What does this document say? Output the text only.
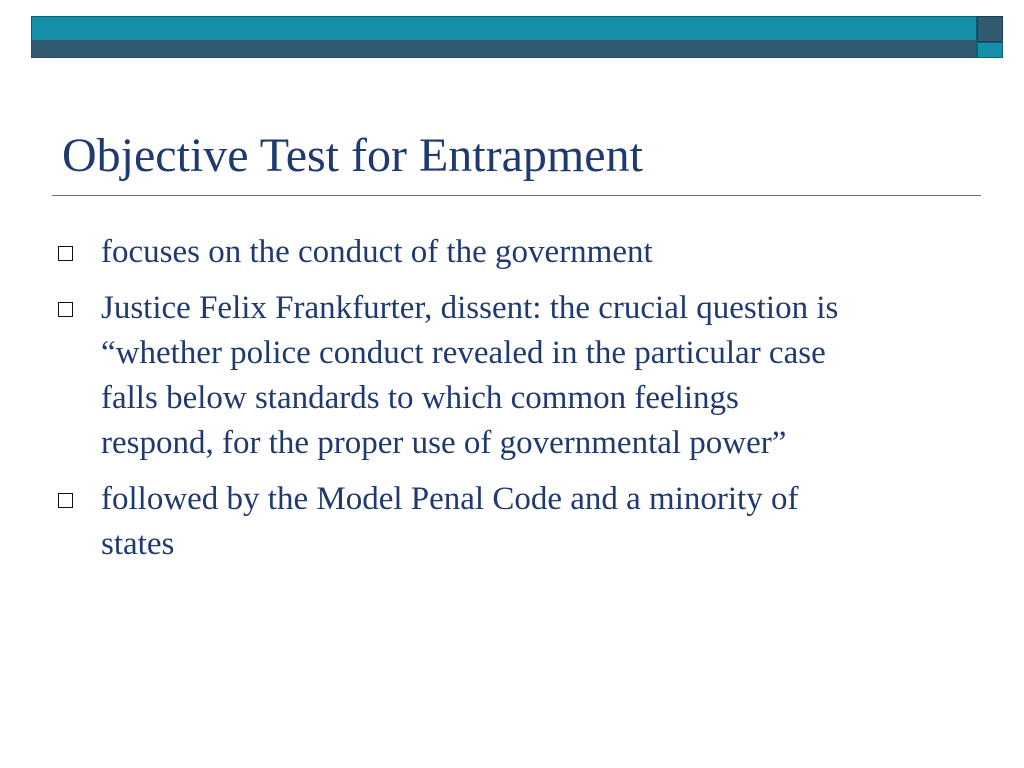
Objective Test for Entrapment
focuses on the conduct of the government
Justice Felix Frankfurter, dissent: the crucial question is “whether police conduct revealed in the particular case falls below standards to which common feelings respond, for the proper use of governmental power”
followed by the Model Penal Code and a minority of states
